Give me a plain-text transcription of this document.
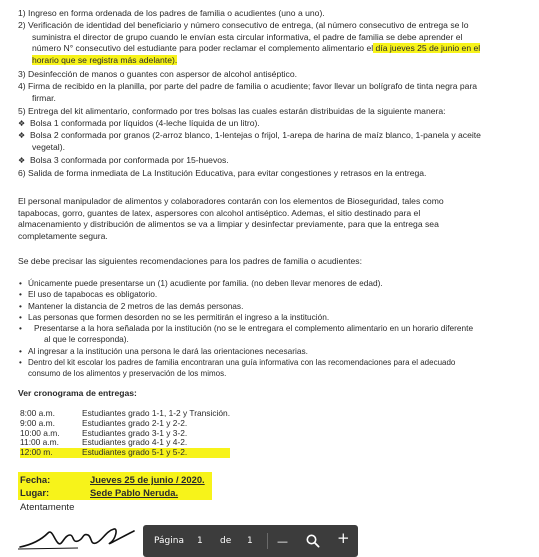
1) Ingreso en forma ordenada de los padres de familia o acudientes (uno a uno).
2) Verificación de identidad del beneficiario y número consecutivo de entrega, (al número consecutivo de entrega se lo
suministra el director de grupo cuando le envían esta circular informativa, el padre de familia se debe aprender el
número N° consecutivo del estudiante para poder reclamar el complemento alimentario el día jueves 25 de junio en el
horario que se registra más adelante).
3) Desinfección de manos o guantes con aspersor de alcohol antiséptico.
4) Firma de recibido en la planilla, por parte del padre de familia o acudiente; favor llevar un bolígrafo de tinta negra para
firmar.
5) Entrega del kit alimentario, conformado por tres bolsas las cuales estarán distribuidas de la siguiente manera:
❖ Bolsa 1 conformada por líquidos (4-leche líquida de un litro).
❖ Bolsa 2 conformada por granos (2-arroz blanco, 1-lentejas o frijol, 1-arepa de harina de maíz blanco, 1-panela y aceite
vegetal).
❖ Bolsa 3 conformada por conformada por 15-huevos.
6) Salida de forma inmediata de La Institución Educativa, para evitar congestiones y retrasos en la entrega.
El personal manipulador de alimentos y colaboradores contarán con los elementos de Bioseguridad, tales como
tapabocas, gorro, guantes de latex, aspersores con alcohol antiséptico. Ademas, el sitio destinado para el
almacenamiento y distribución de alimentos se va a limpiar y desinfectar previamente, para que la entrega sea
completamente segura.
Se debe precisar las siguientes recomendaciones para los padres de familia o acudientes:
• Únicamente puede presentarse un (1) acudiente por familia. (no deben llevar menores de edad).
• El uso de tapabocas es obligatorio.
• Mantener la distancia de 2 metros de las demás personas.
• Las personas que formen desorden no se les permitirán el ingreso a la institución.
• Presentarse a la hora señalada por la institución (no se le entregara el complemento alimentario en un horario diferente
al que le corresponda).
• Al ingresar a la institución una persona le dará las orientaciones necesarias.
• Dentro del kit escolar los padres de familia encontraran una guía informativa con las recomendaciones para el adecuado
consumo de los alimentos y preservación de los mimos.
Ver cronograma de entregas:
8:00 a.m.	Estudiantes grado 1-1, 1-2 y Transición.
9:00 a.m.	Estudiantes grado 2-1 y 2-2.
10:00 a.m.	Estudiantes grado 3-1 y 3-2.
11:00 a.m.	Estudiantes grado 4-1 y 4-2.
12:00 m.	Estudiantes grado 5-1 y 5-2.
Fecha:	Jueves 25 de junio / 2020.
Lugar:	Sede Pablo Neruda.
Atentamente
Página 1 de 1 —	+
